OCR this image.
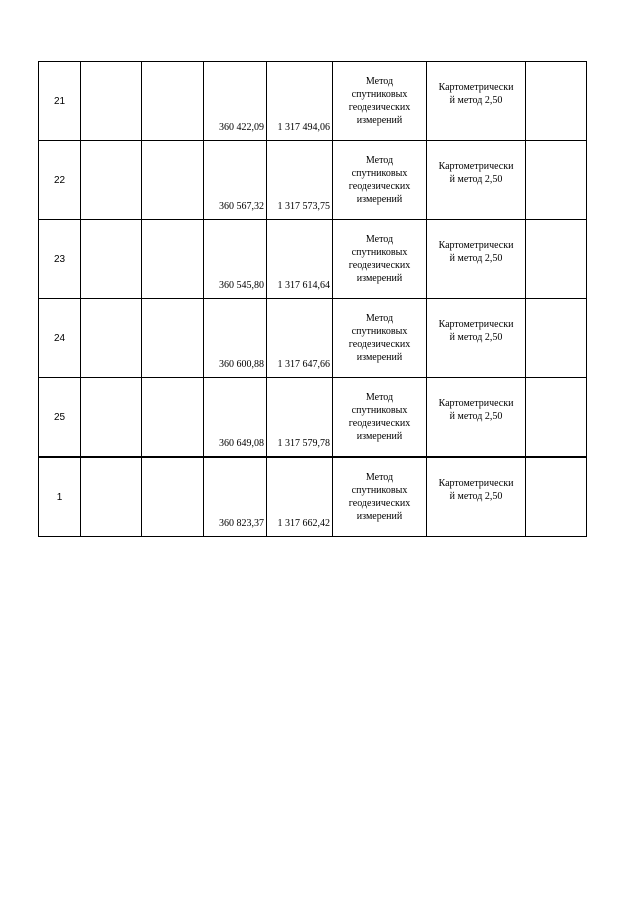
21			360 422,09	1 317 494,06	Метод
спутниковых
геодезических
измерений	Картометрически
й метод 2,50	

22			360 567,32	1 317 573,75	Метод
спутниковых
геодезических
измерений	Картометрически
й метод 2,50	

23			360 545,80	1 317 614,64	Метод
спутниковых
геодезических
измерений	Картометрически
й метод 2,50	

24			360 600,88	1 317 647,66	Метод
спутниковых
геодезических
измерений	Картометрически
й метод 2,50	

25			360 649,08	1 317 579,78	Метод
спутниковых
геодезических
измерений	Картометрически
й метод 2,50	

1			360 823,37	1 317 662,42	Метод
спутниковых
геодезических
измерений	Картометрически
й метод 2,50	
